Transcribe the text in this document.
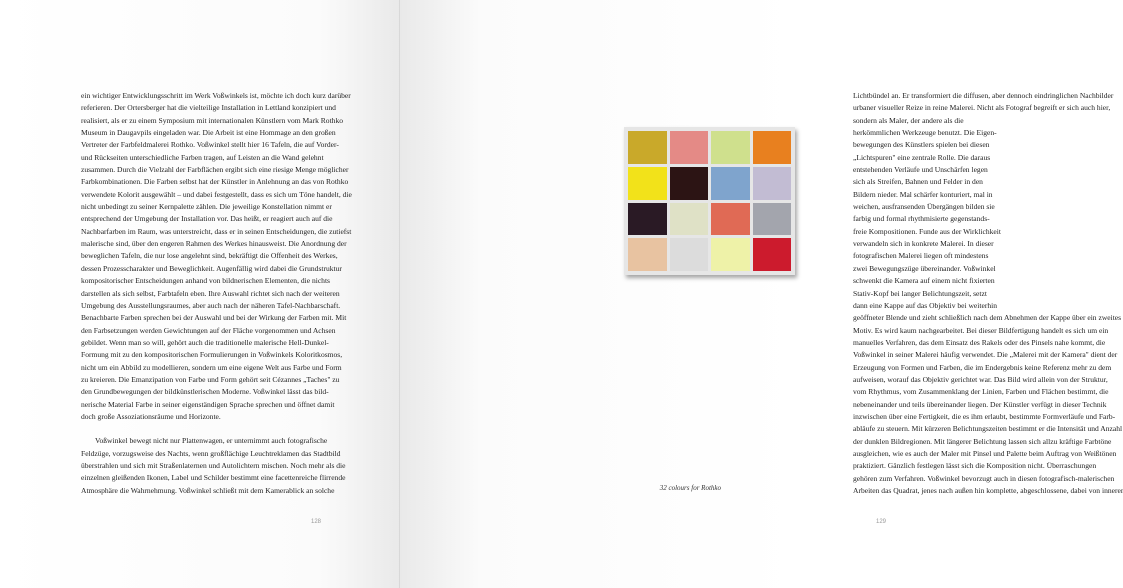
ein wichtiger Entwicklungsschritt im Werk Voßwinkels ist, möchte ich doch kurz darüber
referieren. Der Ortersberger hat die vielteilige Installation in Lettland konzipiert und
realisiert, als er zu einem Symposium mit internationalen Künstlern vom Mark Rothko
Museum in Daugavpils eingeladen war. Die Arbeit ist eine Hommage an den großen
Vertreter der Farbfeldmalerei Rothko. Voßwinkel stellt hier 16 Tafeln, die auf Vorder-
und Rückseiten unterschiedliche Farben tragen, auf Leisten an die Wand gelehnt
zusammen. Durch die Vielzahl der Farbflächen ergibt sich eine riesige Menge möglicher
Farbkombinationen. Die Farben selbst hat der Künstler in Anlehnung an das von Rothko
verwendete Kolorit ausgewählt – und dabei festgestellt, dass es sich um Töne handelt, die
nicht unbedingt zu seiner Kernpalette zählen. Die jeweilige Konstellation nimmt er
entsprechend der Umgebung der Installation vor. Das heißt, er reagiert auch auf die
Nachbarfarben im Raum, was unterstreicht, dass er in seinen Entscheidungen, die zutiefst
malerische sind, über den engeren Rahmen des Werkes hinausweist. Die Anordnung der
beweglichen Tafeln, die nur lose angelehnt sind, bekräftigt die Offenheit des Werkes,
dessen Prozesscharakter und Beweglichkeit. Augenfällig wird dabei die Grundstruktur
kompositorischer Entscheidungen anhand von bildnerischen Elementen, die nichts
darstellen als sich selbst, Farbtafeln eben. Ihre Auswahl richtet sich nach der weiteren
Umgebung des Ausstellungsraumes, aber auch nach der näheren Tafel-Nachbarschaft.
Benachbarte Farben sprechen bei der Auswahl und bei der Wirkung der Farben mit. Mit
den Farbsetzungen werden Gewichtungen auf der Fläche vorgenommen und Achsen
gebildet. Wenn man so will, gehört auch die traditionelle malerische Hell-Dunkel-
Formung mit zu den kompositorischen Formulierungen in Voßwinkels Koloritkosmos,
nicht um ein Abbild zu modellieren, sondern um eine eigene Welt aus Farbe und Form
zu kreieren. Die Emanzipation von Farbe und Form gehört seit Cézannes „Taches" zu
den Grundbewegungen der bildkünstlerischen Moderne. Voßwinkel lässt das bild-
nerische Material Farbe in seiner eigenständigen Sprache sprechen und öffnet damit
doch große Assoziationsräume und Horizonte.

Voßwinkel bewegt nicht nur Plattenwagen, er unternimmt auch fotografische
Feldzüge, vorzugsweise des Nachts, wenn großflächige Leuchtreklamen das Stadtbild
überstrahlen und sich mit Straßenlaternen und Autolichtern mischen. Noch mehr als die
einzelnen gleißenden Ikonen, Label und Schilder bestimmt eine facettenreiche flirrende
Atmosphäre die Wahrnehmung. Voßwinkel schließt mit dem Kamerablick an solche

128

Lichtbündel an. Er transformiert die diffusen, aber dennoch eindringlichen Nachbilder
urbaner visueller Reize in reine Malerei. Nicht als Fotograf begreift er sich auch hier,

sondern als Maler, der andere als die
herkömmlichen Werkzeuge benutzt. Die Eigen-
bewegungen des Künstlers spielen bei diesen
„Lichtspuren" eine zentrale Rolle. Die daraus
entstehenden Verläufe und Unschärfen legen
sich als Streifen, Bahnen und Felder in den
Bildern nieder. Mal schärfer konturiert, mal in
weichen, ausfransenden Übergängen bilden sie
farbig und formal rhythmisierte gegenstands-
freie Kompositionen. Funde aus der Wirklichkeit
verwandeln sich in konkrete Malerei. In dieser
fotografischen Malerei liegen oft mindestens
zwei Bewegungszüge übereinander. Voßwinkel
schwenkt die Kamera auf einem nicht fixierten
Stativ-Kopf bei langer Belichtungszeit, setzt
dann eine Kappe auf das Objektiv bei weiterhin

geöffneter Blende und zieht schließlich nach dem Abnehmen der Kappe über ein zweites
Motiv. Es wird kaum nachgearbeitet. Bei dieser Bildfertigung handelt es sich um ein
manuelles Verfahren, das dem Einsatz des Rakels oder des Pinsels nahe kommt, die
Voßwinkel in seiner Malerei häufig verwendet. Die „Malerei mit der Kamera" dient der
Erzeugung von Formen und Farben, die im Endergebnis keine Referenz mehr zu dem
aufweisen, worauf das Objektiv gerichtet war. Das Bild wird allein von der Struktur,
vom Rhythmus, vom Zusammenklang der Linien, Farben und Flächen bestimmt, die
nebeneinander und teils übereinander liegen. Der Künstler verfügt in dieser Technik
inzwischen über eine Fertigkeit, die es ihm erlaubt, bestimmte Formverläufe und Farb-
abläufe zu steuern. Mit kürzeren Belichtungszeiten bestimmt er die Intensität und Anzahl
der dunklen Bildregionen. Mit längerer Belichtung lassen sich allzu kräftige Farbtöne
ausgleichen, wie es auch der Maler mit Pinsel und Palette beim Auftrag von Weißtönen
praktiziert. Gänzlich festlegen lässt sich die Komposition nicht. Überraschungen
gehören zum Verfahren. Voßwinkel bevorzugt auch in diesen fotografisch-malerischen
Arbeiten das Quadrat, jenes nach außen hin komplette, abgeschlossene, dabei von innerer

129
32 colours for Rothko
